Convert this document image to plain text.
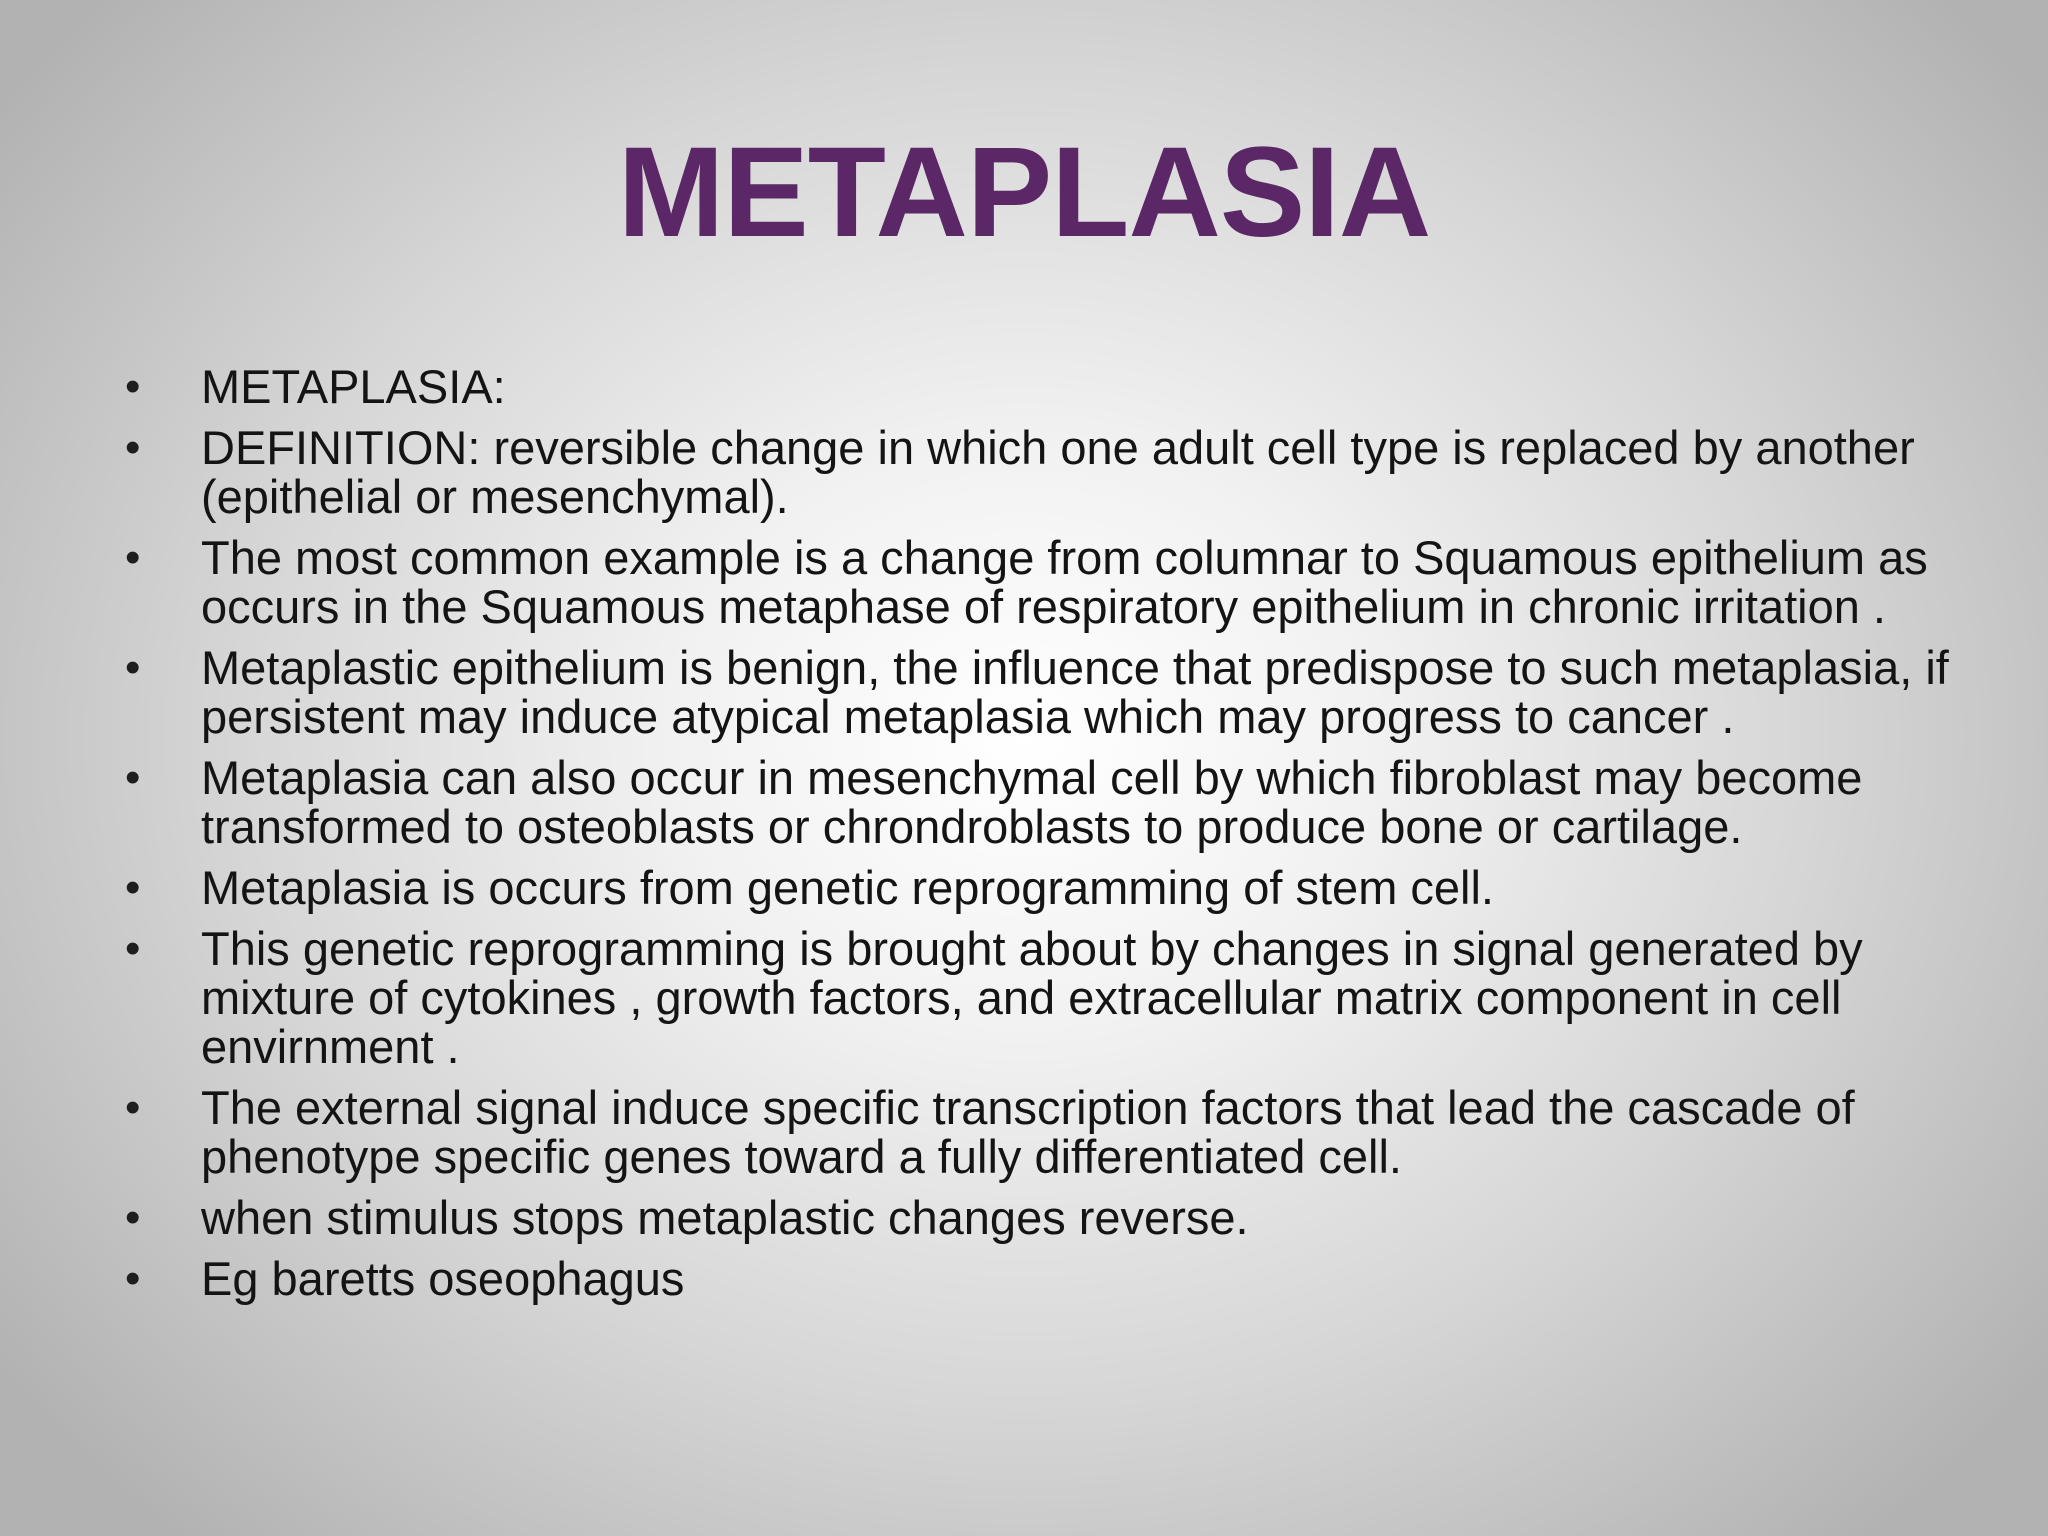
METAPLASIA
•	METAPLASIA:
•	DEFINITION: reversible change in which one adult cell type is replaced by another (epithelial or mesenchymal).
•	The most common example is a change from columnar to Squamous epithelium as occurs in the Squamous metaphase of respiratory epithelium in chronic irritation .
•	Metaplastic epithelium is benign, the influence that predispose to such metaplasia, if persistent may induce atypical metaplasia which may progress to cancer .
•	Metaplasia can also occur in mesenchymal cell by which fibroblast may become transformed to osteoblasts or chrondroblasts to produce bone or cartilage.
•	Metaplasia is occurs from genetic reprogramming of stem cell.
•	This genetic reprogramming is brought about by changes in signal generated by mixture of cytokines , growth factors, and extracellular matrix component in cell envirnment .
•	The external signal induce specific transcription factors that lead the cascade of phenotype specific genes toward a fully differentiated cell.
•	when stimulus stops metaplastic changes reverse.
•	Eg baretts oseophagus
